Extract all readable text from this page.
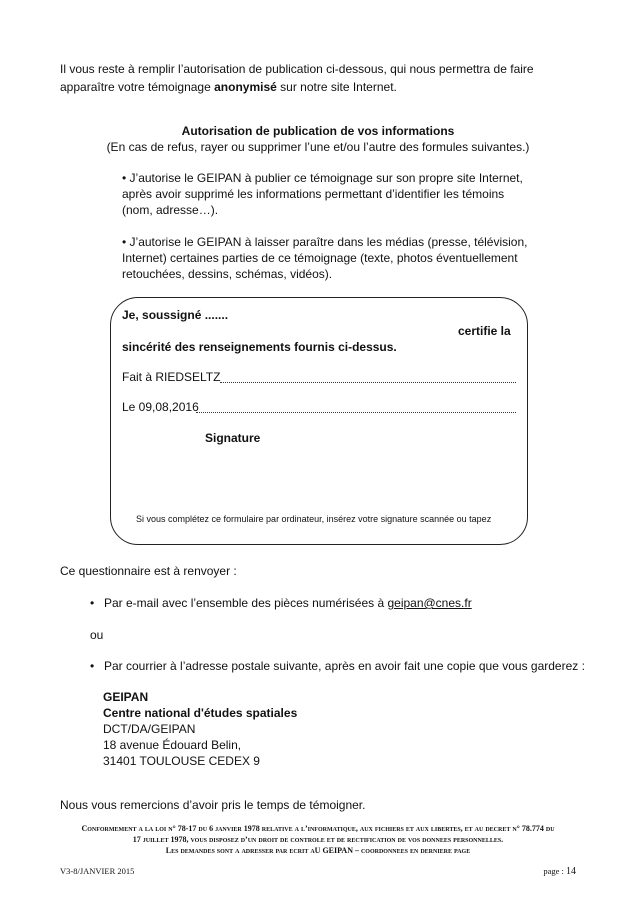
Il vous reste à remplir l’autorisation de publication ci-dessous, qui nous permettra de faire
apparaître votre témoignage anonymisé sur notre site Internet.
Autorisation de publication de vos informations
(En cas de refus, rayer ou supprimer l’une et/ou l’autre des formules suivantes.)
• J’autorise le GEIPAN à publier ce témoignage sur son propre site Internet, après avoir supprimé les informations permettant d’identifier les témoins (nom, adresse…).
• J’autorise le GEIPAN à laisser paraître dans les médias (presse, télévision, Internet) certaines parties de ce témoignage (texte, photos éventuellement retouchées, dessins, schémas, vidéos).
Je, soussigné .......
certifie la
sincérité des renseignements fournis ci-dessus.
Fait à RIEDSELTZ
Le 09,08,2016
Signature
Si vous complétez ce formulaire par ordinateur, insérez votre signature scannée ou tapez
Ce questionnaire est à renvoyer :
• Par e-mail avec l’ensemble des pièces numérisées à geipan@cnes.fr
ou
• Par courrier à l’adresse postale suivante, après en avoir fait une copie que vous garderez :
GEIPAN
Centre national d'études spatiales
DCT/DA/GEIPAN
18 avenue Édouard Belin,
31401 TOULOUSE CEDEX 9
Nous vous remercions d’avoir pris le temps de témoigner.
Conformement a la loi n° 78-17 du 6 janvier 1978 relative a l’informatique, aux fichiers et aux libertes, et au decret n° 78.774 du
17 juillet 1978, vous disposez d’un droit de controle et de rectification de vos donnees personnelles.
Les demandes sont a adresser par ecrit aU GEIPAN – coordonnees en derniere page
V3-8/JANVIER 2015	page : 14
